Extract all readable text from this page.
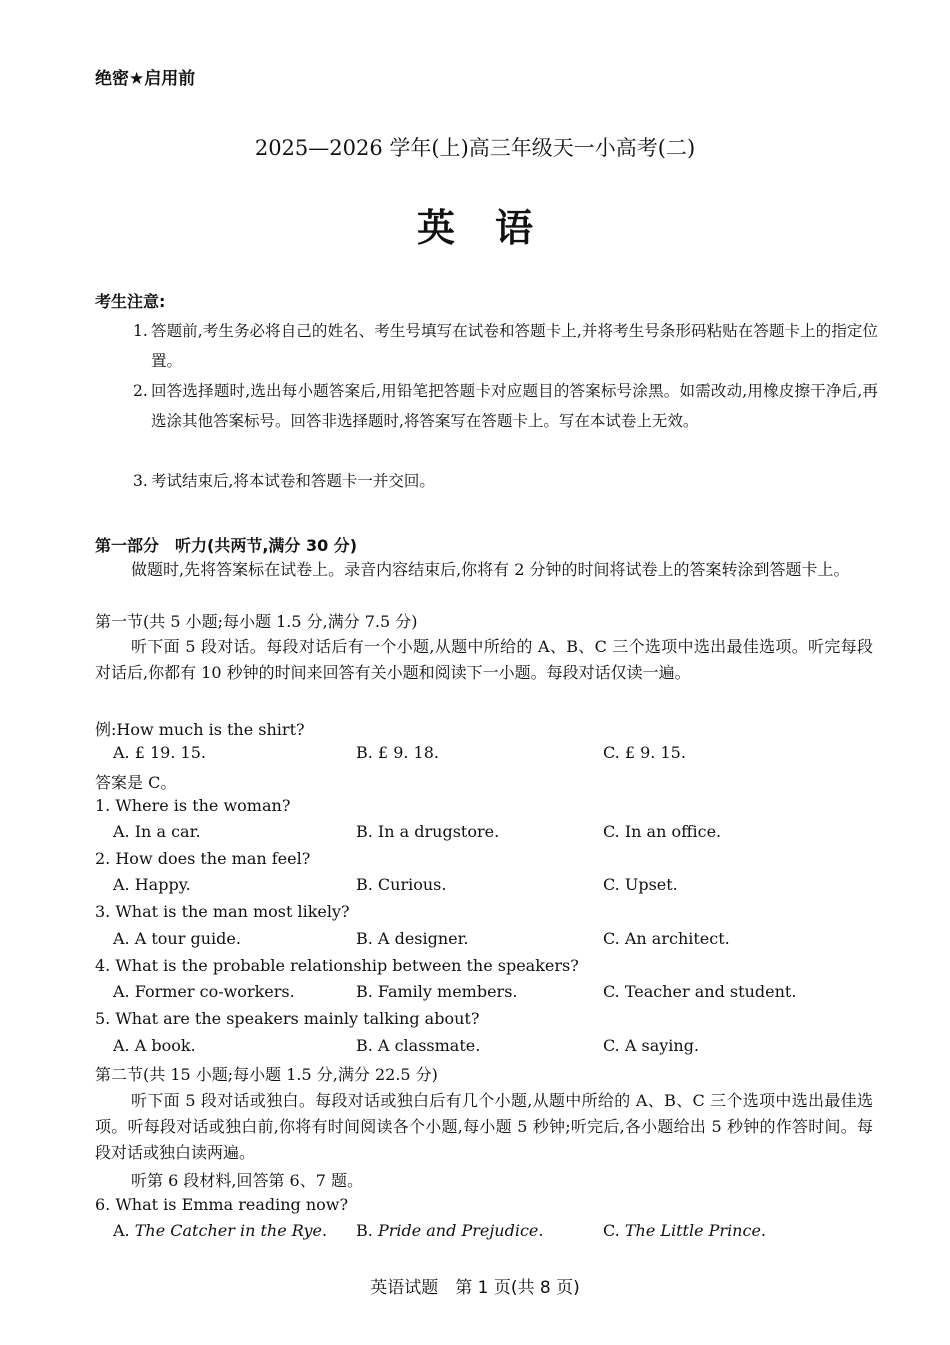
绝密★启用前
2025—2026 学年(上)高三年级天一小高考(二)
英语
考生注意:
1. 答题前,考生务必将自己的姓名、考生号填写在试卷和答题卡上,并将考生号条形码粘贴在答题卡上的指定位置。
2. 回答选择题时,选出每小题答案后,用铅笔把答题卡对应题目的答案标号涂黑。如需改动,用橡皮擦干净后,再选涂其他答案标号。回答非选择题时,将答案写在答题卡上。写在本试卷上无效。
3. 考试结束后,将本试卷和答题卡一并交回。
第一部分　听力(共两节,满分 30 分)
做题时,先将答案标在试卷上。录音内容结束后,你将有 2 分钟的时间将试卷上的答案转涂到答题卡上。
第一节(共 5 小题;每小题 1.5 分,满分 7.5 分)
听下面 5 段对话。每段对话后有一个小题,从题中所给的 A、B、C 三个选项中选出最佳选项。听完每段对话后,你都有 10 秒钟的时间来回答有关小题和阅读下一小题。每段对话仅读一遍。
例:How much is the shirt?
A. £ 19. 15.	B. £ 9. 18.	C. £ 9. 15.
答案是 C。
1. Where is the woman?
A. In a car.	B. In a drugstore.	C. In an office.
2. How does the man feel?
A. Happy.	B. Curious.	C. Upset.
3. What is the man most likely?
A. A tour guide.	B. A designer.	C. An architect.
4. What is the probable relationship between the speakers?
A. Former co-workers.	B. Family members.	C. Teacher and student.
5. What are the speakers mainly talking about?
A. A book.	B. A classmate.	C. A saying.
第二节(共 15 小题;每小题 1.5 分,满分 22.5 分)
听下面 5 段对话或独白。每段对话或独白后有几个小题,从题中所给的 A、B、C 三个选项中选出最佳选项。听每段对话或独白前,你将有时间阅读各个小题,每小题 5 秒钟;听完后,各小题给出 5 秒钟的作答时间。每段对话或独白读两遍。
听第 6 段材料,回答第 6、7 题。
6. What is Emma reading now?
A. The Catcher in the Rye. B. Pride and Prejudice.	C. The Little Prince.
英语试题　第 1 页(共 8 页)
